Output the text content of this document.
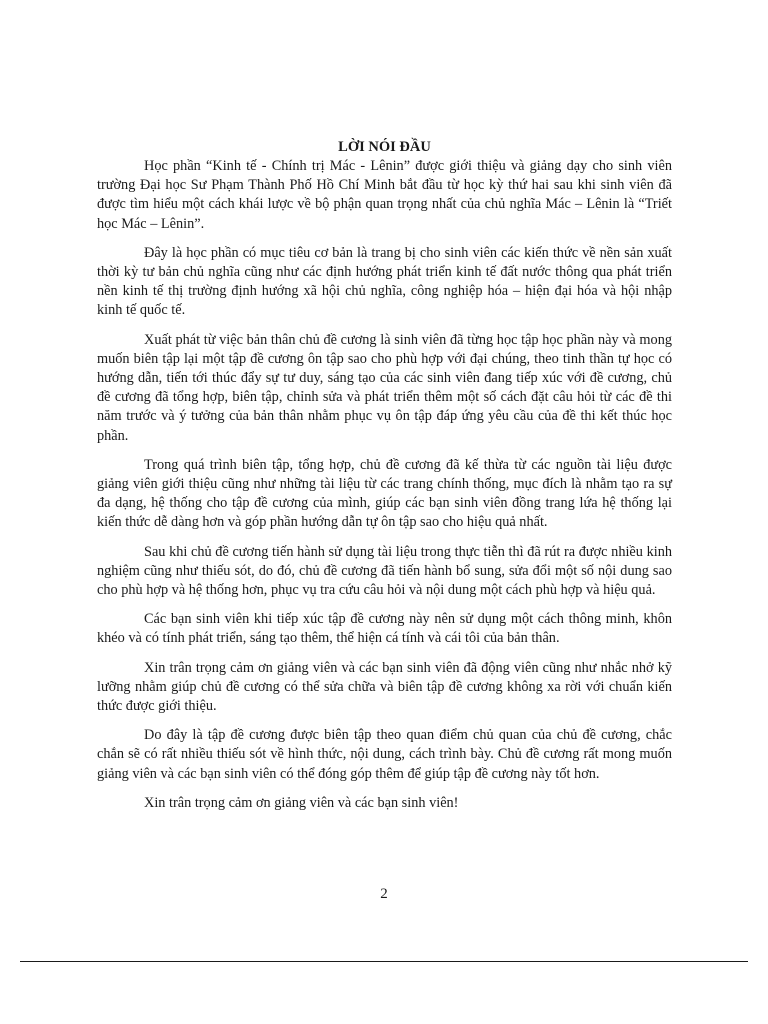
LỜI NÓI ĐẦU

Học phần “Kinh tế - Chính trị Mác - Lênin” được giới thiệu và giảng dạy cho sinh viên trường Đại học Sư Phạm Thành Phố Hồ Chí Minh bắt đầu từ học kỳ thứ hai sau khi sinh viên đã được tìm hiểu một cách khái lược về bộ phận quan trọng nhất của chủ nghĩa Mác – Lênin là “Triết học Mác – Lênin”.

Đây là học phần có mục tiêu cơ bản là trang bị cho sinh viên các kiến thức về nền sản xuất thời kỳ tư bản chủ nghĩa cũng như các định hướng phát triển kinh tế đất nước thông qua phát triển nền kinh tế thị trường định hướng xã hội chủ nghĩa, công nghiệp hóa – hiện đại hóa và hội nhập kinh tế quốc tế.

Xuất phát từ việc bản thân chủ đề cương là sinh viên đã từng học tập học phần này và mong muốn biên tập lại một tập đề cương ôn tập sao cho phù hợp với đại chúng, theo tinh thần tự học có hướng dẫn, tiến tới thúc đẩy sự tư duy, sáng tạo của các sinh viên đang tiếp xúc với đề cương, chủ đề cương đã tổng hợp, biên tập, chỉnh sửa và phát triển thêm một số cách đặt câu hỏi từ các đề thi năm trước và ý tưởng của bản thân nhằm phục vụ ôn tập đáp ứng yêu cầu của đề thi kết thúc học phần.

Trong quá trình biên tập, tổng hợp, chủ đề cương đã kế thừa từ các nguồn tài liệu được giảng viên giới thiệu cũng như những tài liệu từ các trang chính thống, mục đích là nhằm tạo ra sự đa dạng, hệ thống cho tập đề cương của mình, giúp các bạn sinh viên đồng trang lứa hệ thống lại kiến thức dễ dàng hơn và góp phần hướng dẫn tự ôn tập sao cho hiệu quả nhất.

Sau khi chủ đề cương tiến hành sử dụng tài liệu trong thực tiễn thì đã rút ra được nhiều kinh nghiệm cũng như thiếu sót, do đó, chủ đề cương đã tiến hành bổ sung, sửa đổi một số nội dung sao cho phù hợp và hệ thống hơn, phục vụ tra cứu câu hỏi và nội dung một cách phù hợp và hiệu quả.

Các bạn sinh viên khi tiếp xúc tập đề cương này nên sử dụng một cách thông minh, khôn khéo và có tính phát triển, sáng tạo thêm, thể hiện cá tính và cái tôi của bản thân.

Xin trân trọng cảm ơn giảng viên và các bạn sinh viên đã động viên cũng như nhắc nhở kỹ lưỡng nhằm giúp chủ đề cương có thể sửa chữa và biên tập đề cương không xa rời với chuẩn kiến thức được giới thiệu.

Do đây là tập đề cương được biên tập theo quan điểm chủ quan của chủ đề cương, chắc chắn sẽ có rất nhiều thiếu sót về hình thức, nội dung, cách trình bày. Chủ đề cương rất mong muốn giảng viên và các bạn sinh viên có thể đóng góp thêm để giúp tập đề cương này tốt hơn.

Xin trân trọng cảm ơn giảng viên và các bạn sinh viên!

2
